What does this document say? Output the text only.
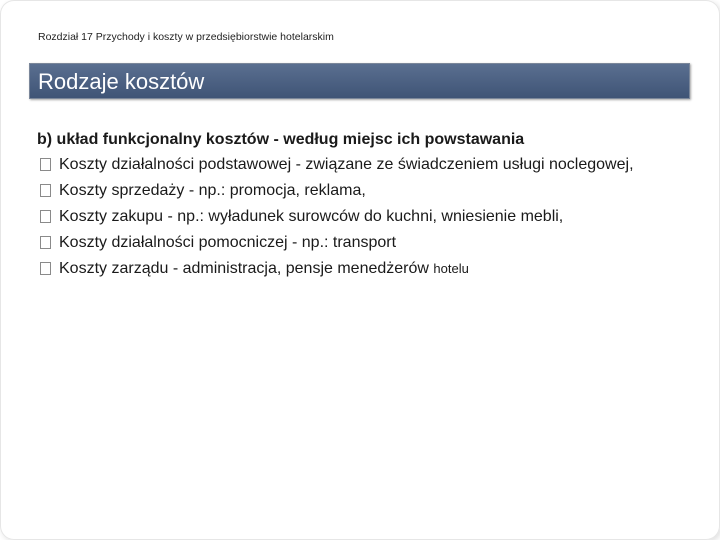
Rozdział 17 Przychody i koszty w przedsiębiorstwie hotelarskim
Rodzaje kosztów
b) układ funkcjonalny kosztów - według miejsc ich powstawania
Koszty działalności podstawowej - związane ze świadczeniem usługi noclegowej,
Koszty sprzedaży - np.: promocja, reklama,
Koszty zakupu - np.: wyładunek surowców do kuchni, wniesienie mebli,
Koszty działalności pomocniczej - np.: transport
Koszty zarządu - administracja, pensje menedżerów hotelu
